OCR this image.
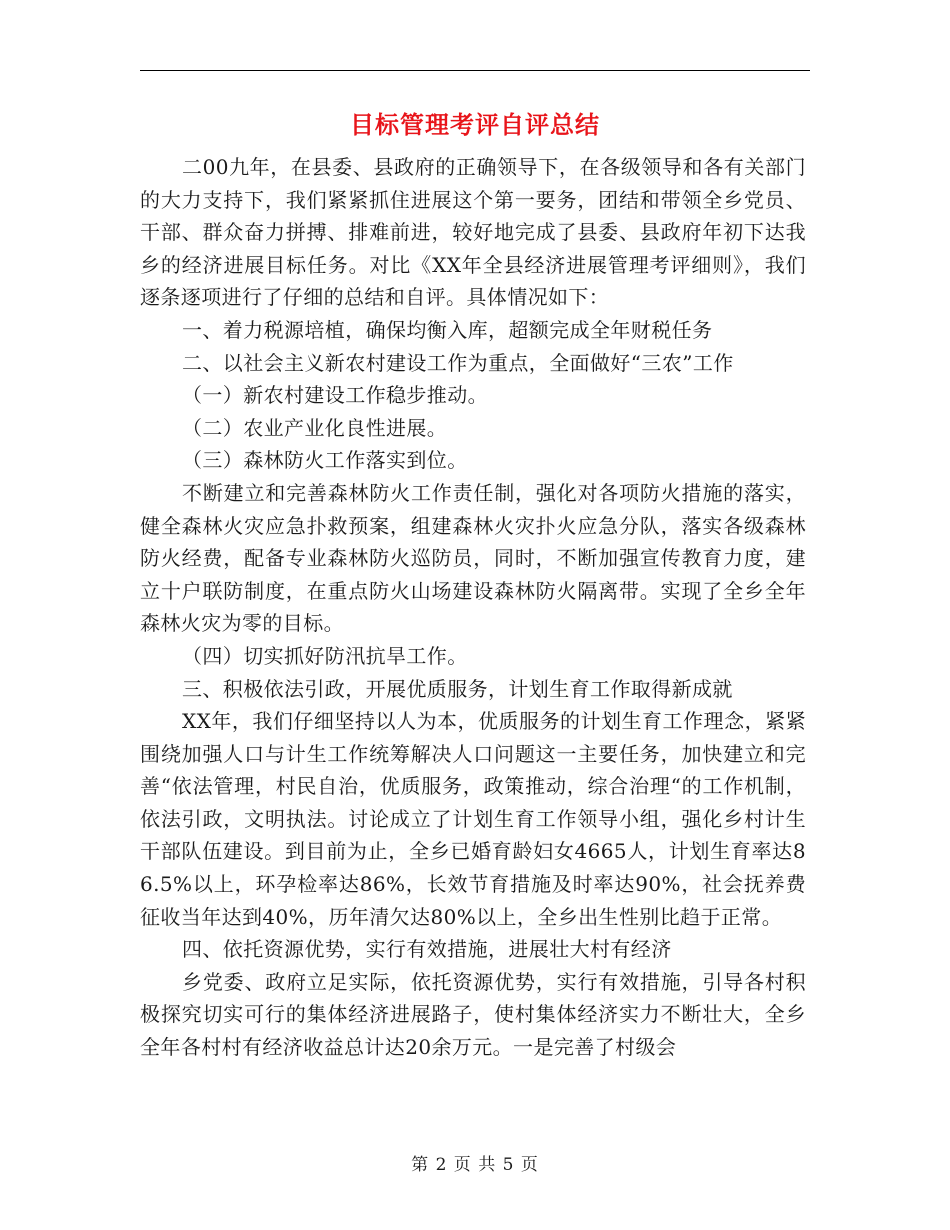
目标管理考评自评总结

二00九年，在县委、县政府的正确领导下，在各级领导和各有关部门的大力支持下，我们紧紧抓住进展这个第一要务，团结和带领全乡党员、干部、群众奋力拼搏、排难前进，较好地完成了县委、县政府年初下达我乡的经济进展目标任务。对比《XX年全县经济进展管理考评细则》，我们逐条逐项进行了仔细的总结和自评。具体情况如下：

一、着力税源培植，确保均衡入库，超额完成全年财税任务

二、以社会主义新农村建设工作为重点，全面做好“三农”工作

（一）新农村建设工作稳步推动。

（二）农业产业化良性进展。

（三）森林防火工作落实到位。

不断建立和完善森林防火工作责任制，强化对各项防火措施的落实，健全森林火灾应急扑救预案，组建森林火灾扑火应急分队，落实各级森林防火经费，配备专业森林防火巡防员，同时，不断加强宣传教育力度，建立十户联防制度，在重点防火山场建设森林防火隔离带。实现了全乡全年森林火灾为零的目标。

（四）切实抓好防汛抗旱工作。

三、积极依法引政，开展优质服务，计划生育工作取得新成就

XX年，我们仔细坚持以人为本，优质服务的计划生育工作理念，紧紧围绕加强人口与计生工作统筹解决人口问题这一主要任务，加快建立和完善“依法管理，村民自治，优质服务，政策推动，综合治理“的工作机制，依法引政，文明执法。讨论成立了计划生育工作领导小组，强化乡村计生干部队伍建设。到目前为止，全乡已婚育龄妇女4665人，计划生育率达86.5%以上，环孕检率达86%，长效节育措施及时率达90%，社会抚养费征收当年达到40%，历年清欠达80%以上，全乡出生性别比趋于正常。

四、依托资源优势，实行有效措施，进展壮大村有经济

乡党委、政府立足实际，依托资源优势，实行有效措施，引导各村积极探究切实可行的集体经济进展路子，使村集体经济实力不断壮大，全乡全年各村村有经济收益总计达20余万元。一是完善了村级会

第 2 页 共 5 页
